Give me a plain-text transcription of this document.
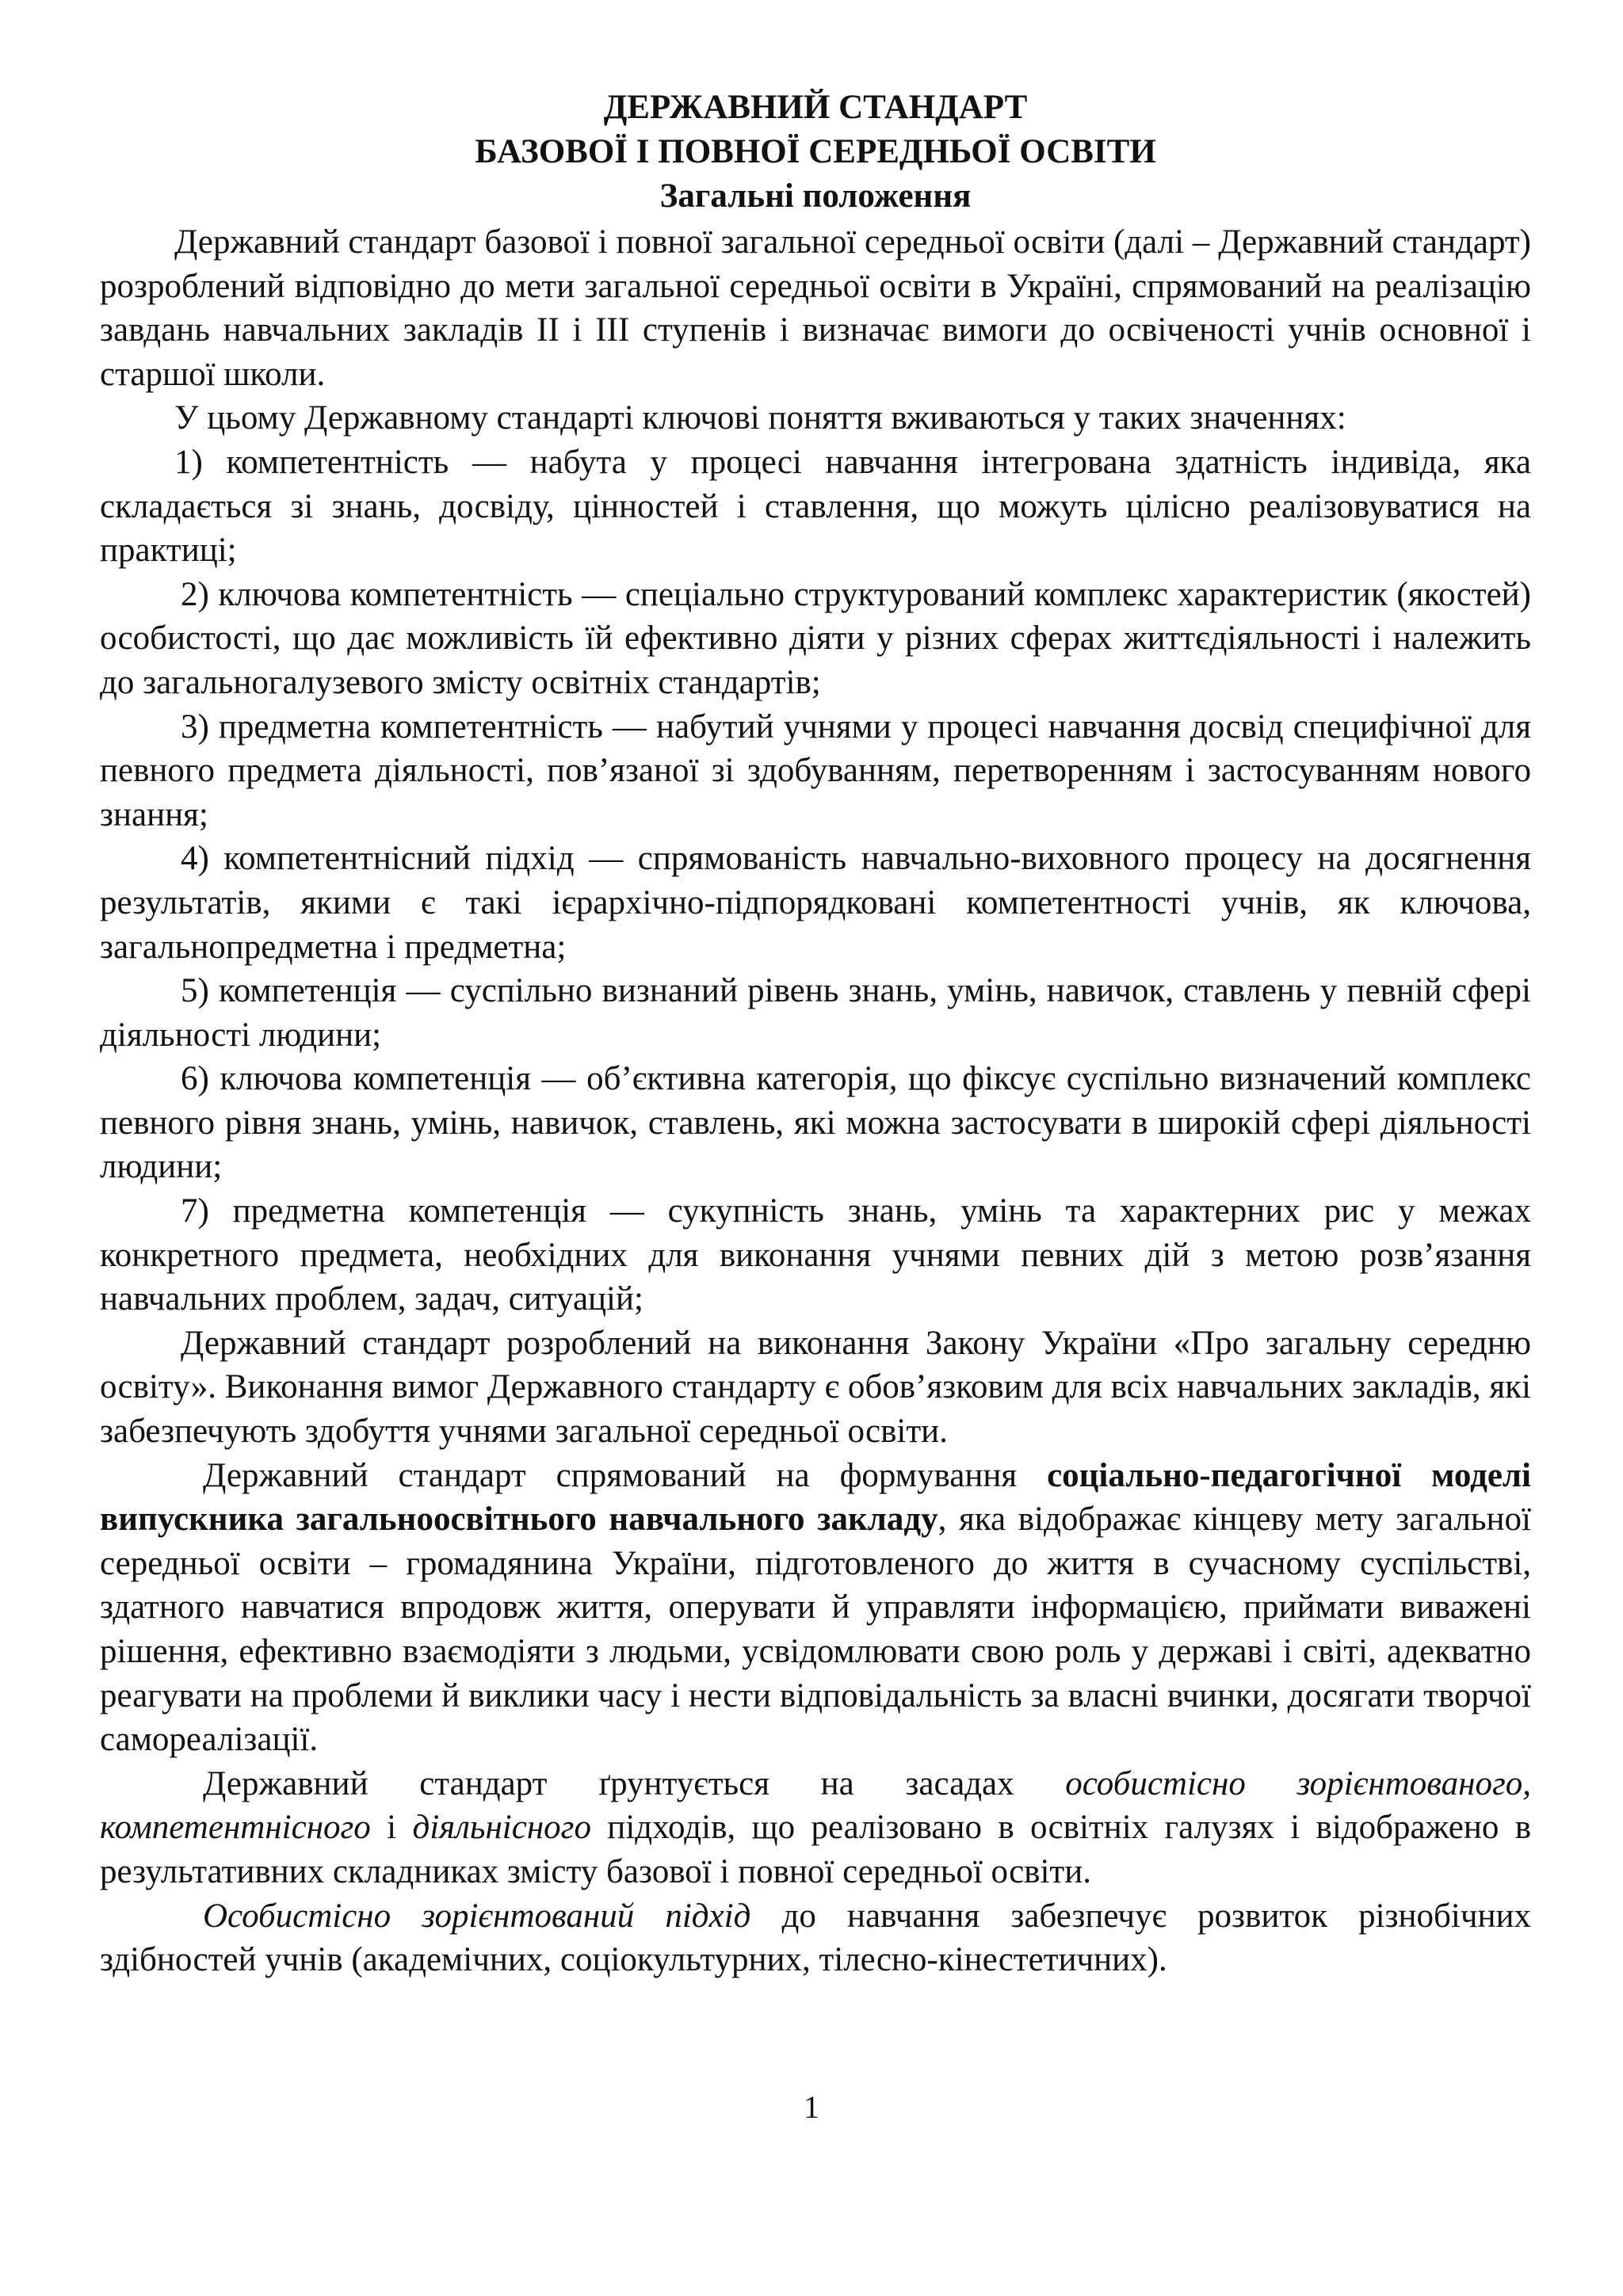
ДЕРЖАВНИЙ СТАНДАРТ
БАЗОВОЇ І ПОВНОЇ СЕРЕДНЬОЇ ОСВІТИ
Загальні положення

Державний стандарт базової і повної загальної середньої освіти (далі – Державний стандарт) розроблений відповідно до мети загальної середньої освіти в Україні, спрямований на реалізацію завдань навчальних закладів ІІ і ІІІ ступенів і визначає вимоги до освіченості учнів основної і старшої школи.

У цьому Державному стандарті ключові поняття вживаються у таких значеннях:

1) компетентність — набута у процесі навчання інтегрована здатність індивіда, яка складається зі знань, досвіду, цінностей і ставлення, що можуть цілісно реалізовуватися на практиці;

2) ключова компетентність — спеціально структурований комплекс характеристик (якостей) особистості, що дає можливість їй ефективно діяти у різних сферах життєдіяльності і належить до загальногалузевого змісту освітніх стандартів;

3) предметна компетентність — набутий учнями у процесі навчання досвід специфічної для певного предмета діяльності, пов’язаної зі здобуванням, перетворенням і застосуванням нового знання;

4) компетентнісний підхід — спрямованість навчально-виховного процесу на досягнення результатів, якими є такі ієрархічно-підпорядковані компетентності учнів, як ключова, загальнопредметна і предметна;

5) компетенція — суспільно визнаний рівень знань, умінь, навичок, ставлень у певній сфері діяльності людини;

6) ключова компетенція — об’єктивна категорія, що фіксує суспільно визначений комплекс певного рівня знань, умінь, навичок, ставлень, які можна застосувати в широкій сфері діяльності людини;

7) предметна компетенція — сукупність знань, умінь та характерних рис у межах конкретного предмета, необхідних для виконання учнями певних дій з метою розв’язання навчальних проблем, задач, ситуацій;

Державний стандарт розроблений на виконання Закону України «Про загальну середню освіту». Виконання вимог Державного стандарту є обов’язковим для всіх навчальних закладів, які забезпечують здобуття учнями загальної середньої освіти.

Державний стандарт спрямований на формування соціально-педагогічної моделі випускника загальноосвітнього навчального закладу, яка відображає кінцеву мету загальної середньої освіти – громадянина України, підготовленого до життя в сучасному суспільстві, здатного навчатися впродовж життя, оперувати й управляти інформацією, приймати виважені рішення, ефективно взаємодіяти з людьми, усвідомлювати свою роль у державі і світі, адекватно реагувати на проблеми й виклики часу і нести відповідальність за власні вчинки, досягати творчої самореалізації.

Державний стандарт ґрунтується на засадах особистісно зорієнтованого, компетентнісного і діяльнісного підходів, що реалізовано в освітніх галузях і відображено в результативних складниках змісту базової і повної середньої освіти.

Особистісно зорієнтований підхід до навчання забезпечує розвиток різнобічних здібностей учнів (академічних, соціокультурних, тілесно-кінестетичних).

1
